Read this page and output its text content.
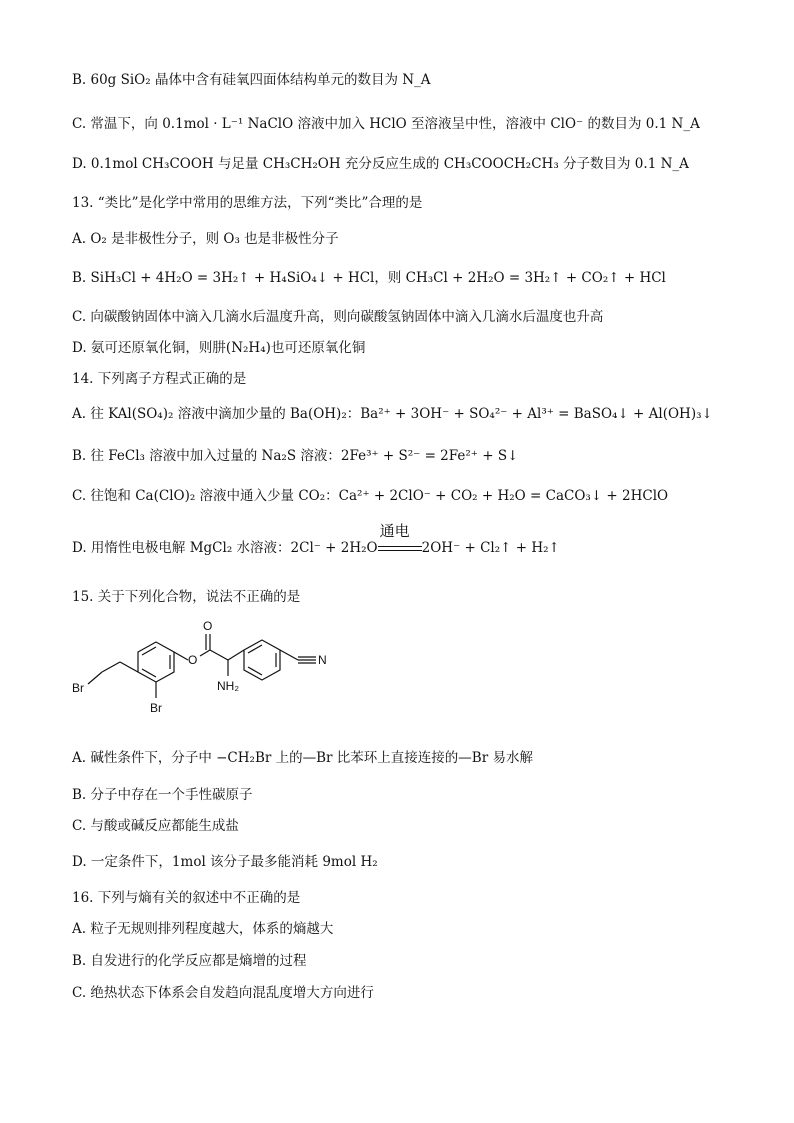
B. 60g SiO₂ 晶体中含有硅氧四面体结构单元的数目为 N_A
C. 常温下，向 0.1mol · L⁻¹ NaClO 溶液中加入 HClO 至溶液呈中性，溶液中 ClO⁻ 的数目为 0.1 N_A
D. 0.1mol CH₃COOH 与足量 CH₃CH₂OH 充分反应生成的 CH₃COOCH₂CH₃ 分子数目为 0.1 N_A
13. “类比”是化学中常用的思维方法，下列“类比”合理的是
A. O₂ 是非极性分子，则 O₃ 也是非极性分子
B. SiH₃Cl + 4H₂O = 3H₂↑ + H₄SiO₄↓ + HCl，则 CH₃Cl + 2H₂O = 3H₂↑ + CO₂↑ + HCl
C. 向碳酸钠固体中滴入几滴水后温度升高，则向碳酸氢钠固体中滴入几滴水后温度也升高
D. 氨可还原氧化铜，则肼(N₂H₄)也可还原氧化铜
14. 下列离子方程式正确的是
A. 往 KAl(SO₄)₂ 溶液中滴加少量的 Ba(OH)₂：Ba²⁺ + 3OH⁻ + SO₄²⁻ + Al³⁺ = BaSO₄↓ + Al(OH)₃↓
B. 往 FeCl₃ 溶液中加入过量的 Na₂S 溶液：2Fe³⁺ + S²⁻ = 2Fe²⁺ + S↓
C. 往饱和 Ca(ClO)₂ 溶液中通入少量 CO₂：Ca²⁺ + 2ClO⁻ + CO₂ + H₂O = CaCO₃↓ + 2HClO
D. 用惰性电极电解 MgCl₂ 水溶液：2Cl⁻ + 2H₂O
通电
2OH⁻ + Cl₂↑ + H₂↑
15. 关于下列化合物，说法不正确的是
O
O
Br
Br
NH₂
N
A. 碱性条件下，分子中 −CH₂Br 上的—Br 比苯环上直接连接的—Br 易水解
B. 分子中存在一个手性碳原子
C. 与酸或碱反应都能生成盐
D. 一定条件下，1mol 该分子最多能消耗 9mol H₂
16. 下列与熵有关的叙述中不正确的是
A. 粒子无规则排列程度越大，体系的熵越大
B. 自发进行的化学反应都是熵增的过程
C. 绝热状态下体系会自发趋向混乱度增大方向进行
